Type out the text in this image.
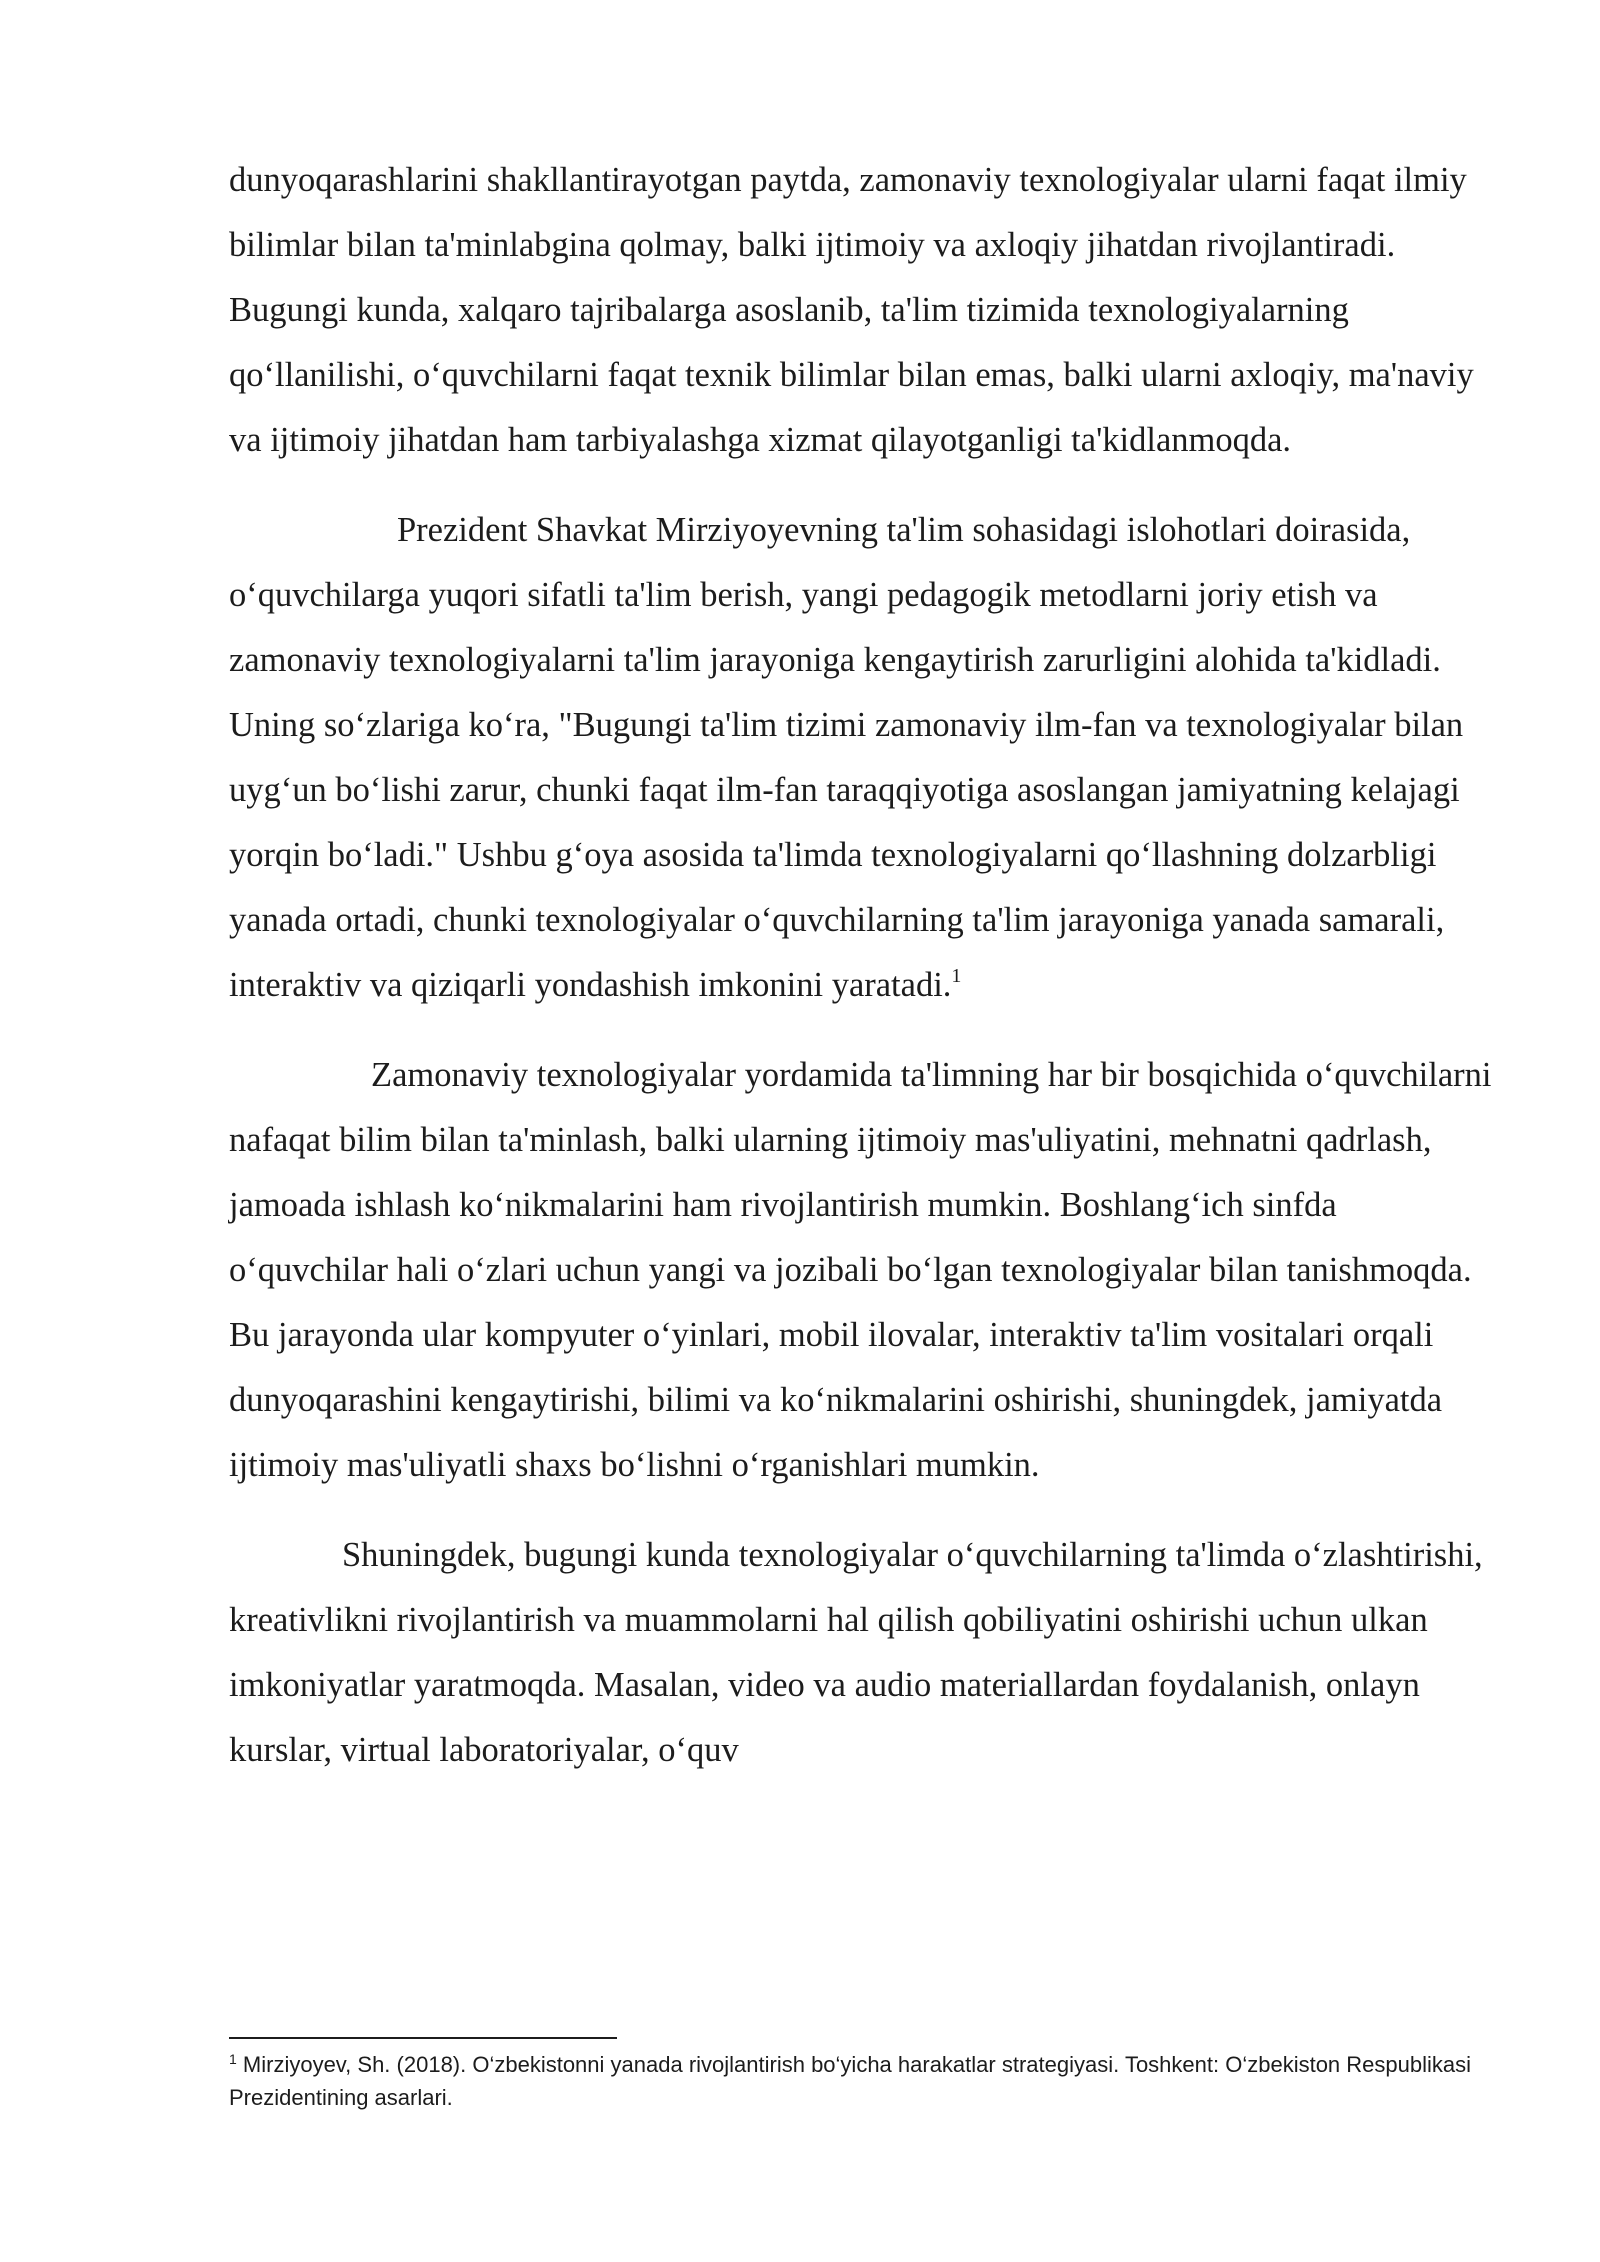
dunyoqarashlarini shakllantirayotgan paytda, zamonaviy texnologiyalar ularni faqat ilmiy bilimlar bilan ta'minlabgina qolmay, balki ijtimoiy va axloqiy jihatdan rivojlantiradi. Bugungi kunda, xalqaro tajribalarga asoslanib, ta'lim tizimida texnologiyalarning qo‘llanilishi, o‘quvchilarni faqat texnik bilimlar bilan emas, balki ularni axloqiy, ma'naviy va ijtimoiy jihatdan ham tarbiyalashga xizmat qilayotganligi ta'kidlanmoqda.

Prezident Shavkat Mirziyoyevning ta'lim sohasidagi islohotlari doirasida, o‘quvchilarga yuqori sifatli ta'lim berish, yangi pedagogik metodlarni joriy etish va zamonaviy texnologiyalarni ta'lim jarayoniga kengaytirish zarurligini alohida ta'kidladi. Uning so‘zlariga ko‘ra, "Bugungi ta'lim tizimi zamonaviy ilm-fan va texnologiyalar bilan uyg‘un bo‘lishi zarur, chunki faqat ilm-fan taraqqiyotiga asoslangan jamiyatning kelajagi yorqin bo‘ladi." Ushbu g‘oya asosida ta'limda texnologiyalarni qo‘llashning dolzarbligi yanada ortadi, chunki texnologiyalar o‘quvchilarning ta'lim jarayoniga yanada samarali, interaktiv va qiziqarli yondashish imkonini yaratadi.$^1$

Zamonaviy texnologiyalar yordamida ta'limning har bir bosqichida o‘quvchilarni nafaqat bilim bilan ta'minlash, balki ularning ijtimoiy mas'uliyatini, mehnatni qadrlash, jamoada ishlash ko‘nikmalarini ham rivojlantirish mumkin. Boshlang‘ich sinfda o‘quvchilar hali o‘zlari uchun yangi va jozibali bo‘lgan texnologiyalar bilan tanishmoqda. Bu jarayonda ular kompyuter o‘yinlari, mobil ilovalar, interaktiv ta'lim vositalari orqali dunyoqarashini kengaytirishi, bilimi va ko‘nikmalarini oshirishi, shuningdek, jamiyatda ijtimoiy mas'uliyatli shaxs bo‘lishni o‘rganishlari mumkin.

Shuningdek, bugungi kunda texnologiyalar o‘quvchilarning ta'limda o‘zlashtirishi, kreativlikni rivojlantirish va muammolarni hal qilish qobiliyatini oshirishi uchun ulkan imkoniyatlar yaratmoqda. Masalan, video va audio materiallardan foydalanish, onlayn kurslar, virtual laboratoriyalar, o‘quv

$^1$ Mirziyoyev, Sh. (2018). O‘zbekistonni yanada rivojlantirish bo‘yicha harakatlar strategiyasi. Toshkent: O‘zbekiston Respublikasi Prezidentining asarlari.
